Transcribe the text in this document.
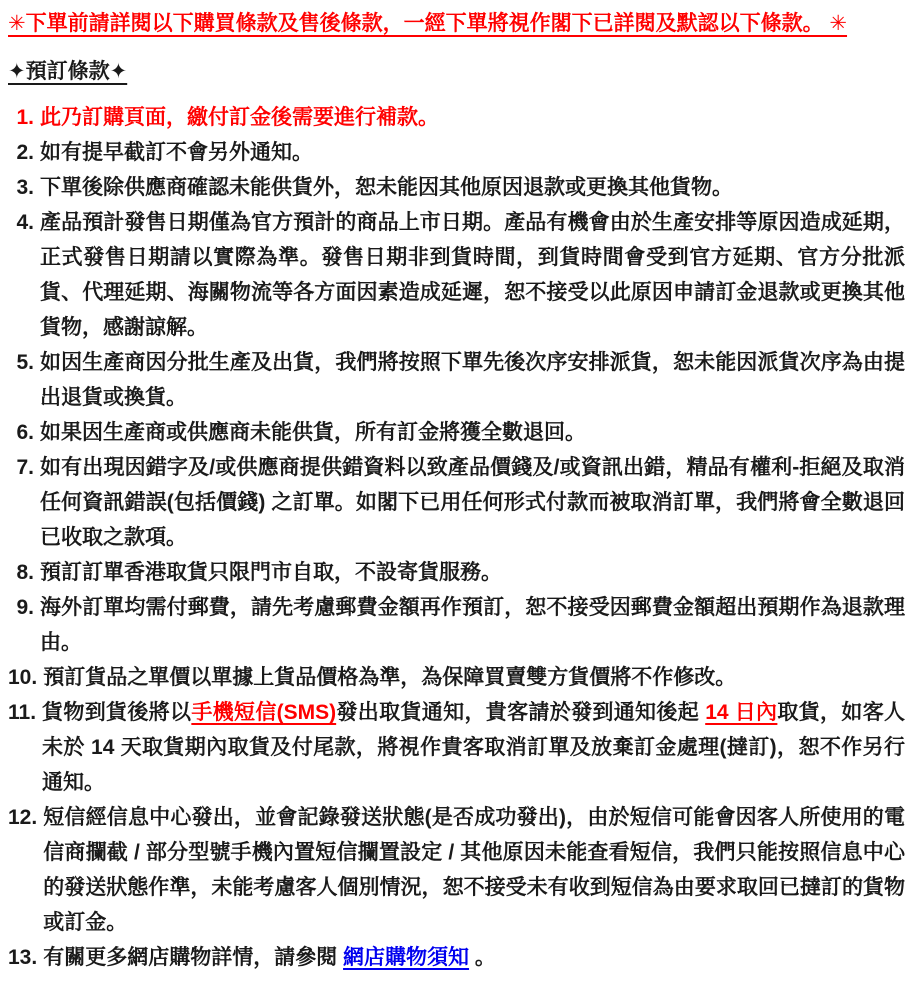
✳下單前請詳閱以下購買條款及售後條款，一經下單將視作閣下已詳閱及默認以下條款。 ✳
✦預訂條款✦
1. 此乃訂購頁面，繳付訂金後需要進行補款。
2. 如有提早截訂不會另外通知。
3. 下單後除供應商確認未能供貨外，恕未能因其他原因退款或更換其他貨物。
4. 產品預計發售日期僅為官方預計的商品上市日期。產品有機會由於生產安排等原因造成延期，正式發售日期請以實際為準。發售日期非到貨時間，到貨時間會受到官方延期、官方分批派貨、代理延期、海關物流等各方面因素造成延遲，恕不接受以此原因申請訂金退款或更換其他貨物，感謝諒解。
5. 如因生產商因分批生產及出貨，我們將按照下單先後次序安排派貨，恕未能因派貨次序為由提出退貨或換貨。
6. 如果因生產商或供應商未能供貨，所有訂金將獲全數退回。
7. 如有出現因錯字及/或供應商提供錯資料以致產品價錢及/或資訊出錯，精品有權利-拒絕及取消任何資訊錯誤(包括價錢) 之訂單。如閣下已用任何形式付款而被取消訂單，我們將會全數退回已收取之款項。
8. 預訂訂單香港取貨只限門市自取，不設寄貨服務。
9. 海外訂單均需付郵費，請先考慮郵費金額再作預訂，恕不接受因郵費金額超出預期作為退款理由。
10. 預訂貨品之單價以單據上貨品價格為準，為保障買賣雙方貨價將不作修改。
11. 貨物到貨後將以手機短信(SMS)發出取貨通知，貴客請於發到通知後起 14 日內取貨，如客人未於 14 天取貨期內取貨及付尾款，將視作貴客取消訂單及放棄訂金處理(撻訂)，恕不作另行通知。
12. 短信經信息中心發出，並會記錄發送狀態(是否成功發出)，由於短信可能會因客人所使用的電信商攔截 / 部分型號手機內置短信攔置設定 / 其他原因未能查看短信，我們只能按照信息中心的發送狀態作準，未能考慮客人個別情況，恕不接受未有收到短信為由要求取回已撻訂的貨物或訂金。
13. 有關更多網店購物詳情，請參閱 網店購物須知 。
